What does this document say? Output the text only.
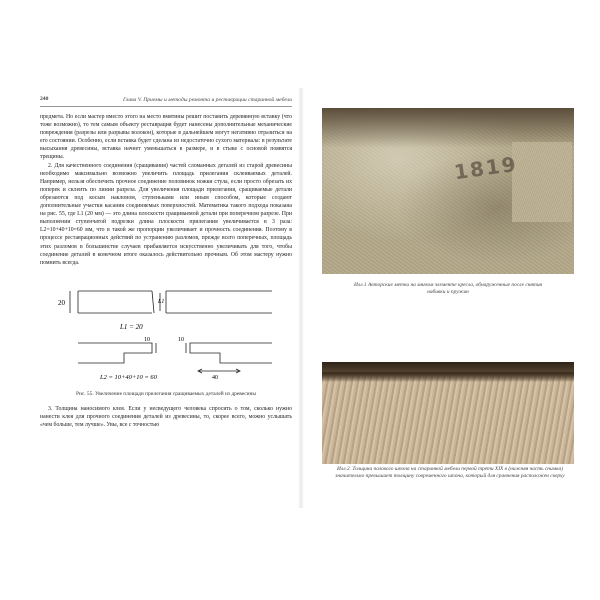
240	Глава V. Приемы и методы ремонта и реставрации старинной мебели

предмета. Но если мастер вместо этого на место вмятины решит поставить деревянную вставку (что тоже возможно), то тем самым объекту реставрация будет нанесены дополнительные механические повреждения (разрезы или разрывы волокон), которые в дальнейшем могут негативно отразиться на его состоянии. Особенно, если вставка будет сделана из недостаточно сухого материала: в результате высыхания древесины, вставка начнет уменьшаться в размере, и в стыке с основой появятся трещины.

2. Для качественного соединения (сращивания) частей сломанных деталей из старой древесины необходимо максимально возможно увеличить площадь прилегания склеиваемых деталей. Например, нельзя обеспечить прочное соединение половинок ножки стула, если просто обрезать их поперек и склеить по линии разреза. Для увеличения площади прилегания, сращиваемые детали обрезаются под косым наклоном, ступеньками или иным способом, которые создают дополнительные участки касания соединяемых поверхностей. Математика такого подхода показана на рис. 55, где L1 (20 мм) — это длина плоскости сращиваемой детали при поперечном разрезе. При выполнении ступенчатой подрезки длина плоскости прилегания увеличивается в 3 раза: L2=10+40+10=60 мм, что в такой же пропорции увеличивает и прочность соединения. Поэтому в процессе реставрационных действий по устранению разломов, прежде всего поперечных, площадь этих разломов в большинстве случаев прибавляется искусственно увеличивать для того, чтобы соединение деталей в конечном итоге оказалось действительно прочным. Об этом мастеру нужно помнить всегда.

20	L1
L1 = 20
10	10
40
L2 = 10+40+10 = 60
Рис. 55. Увеличение площади прилегания сращиваемых деталей из древесины

3. Толщина наносимого клея. Если у несведущего человека спросить о том, сколько нужно нанести клея для прочного соединения деталей из древесины, то, скорее всего, можно услышать «чем больше, тем лучше». Увы, все с точностью

1819
Илл.1 Авторские метки на мягком элементе кресла, обнаруженные после снятия набивки и пружин
Илл.2. Толщина пазового шпона на старинной мебели первой трети XIX в (нижняя часть снимка) значительно превышает толщину современного шпона, который для сравнения расположен сверху
